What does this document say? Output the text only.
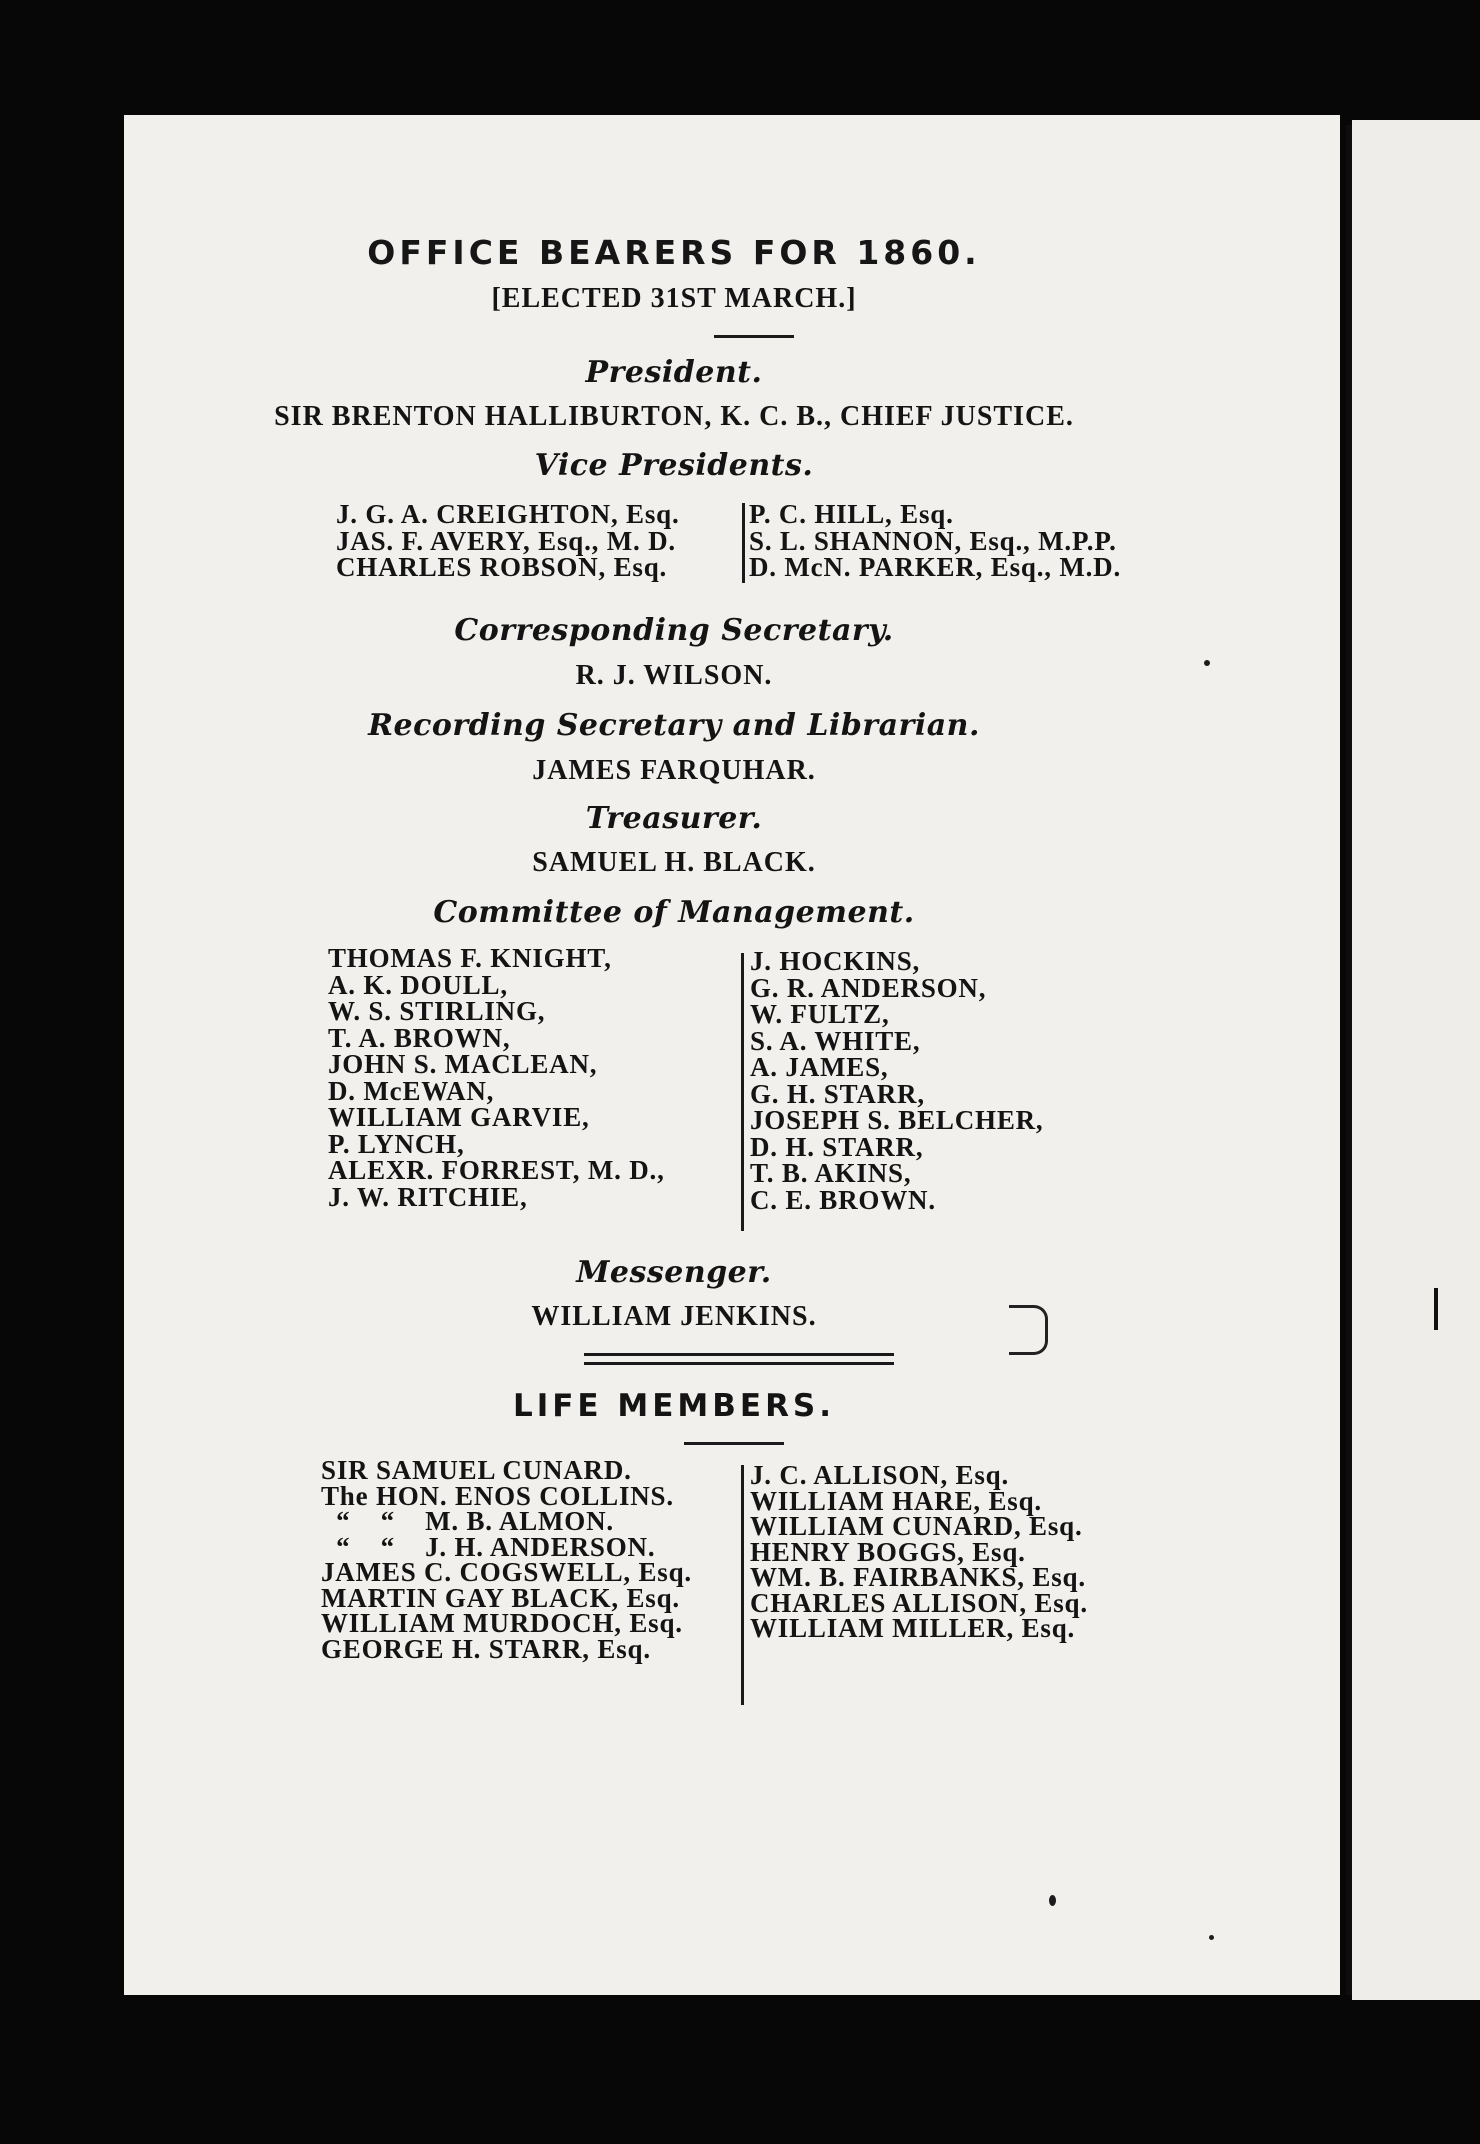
OFFICE BEARERS FOR 1860.
[ELECTED 31ST MARCH.]
President.
SIR BRENTON HALLIBURTON, K. C. B., CHIEF JUSTICE.
Vice Presidents.
J. G. A. CREIGHTON, Esq.
JAS. F. AVERY, Esq., M. D.
CHARLES ROBSON, Esq.
P. C. HILL, Esq.
S. L. SHANNON, Esq., M.P.P.
D. McN. PARKER, Esq., M.D.
Corresponding Secretary.
R. J. WILSON.
Recording Secretary and Librarian.
JAMES FARQUHAR.
Treasurer.
SAMUEL H. BLACK.
Committee of Management.
THOMAS F. KNIGHT,
A. K. DOULL,
W. S. STIRLING,
T. A. BROWN,
JOHN S. MACLEAN,
D. McEWAN,
WILLIAM GARVIE,
P. LYNCH,
ALEXR. FORREST, M. D.,
J. W. RITCHIE,
J. HOCKINS,
G. R. ANDERSON,
W. FULTZ,
S. A. WHITE,
A. JAMES,
G. H. STARR,
JOSEPH S. BELCHER,
D. H. STARR,
T. B. AKINS,
C. E. BROWN.
Messenger.
WILLIAM JENKINS.
LIFE MEMBERS.
SIR SAMUEL CUNARD.
The HON. ENOS COLLINS.
“    “    M. B. ALMON.
“    “    J. H. ANDERSON.
JAMES C. COGSWELL, Esq.
MARTIN GAY BLACK, Esq.
WILLIAM MURDOCH, Esq.
GEORGE H. STARR, Esq.
J. C. ALLISON, Esq.
WILLIAM HARE, Esq.
WILLIAM CUNARD, Esq.
HENRY BOGGS, Esq.
WM. B. FAIRBANKS, Esq.
CHARLES ALLISON, Esq.
WILLIAM MILLER, Esq.
